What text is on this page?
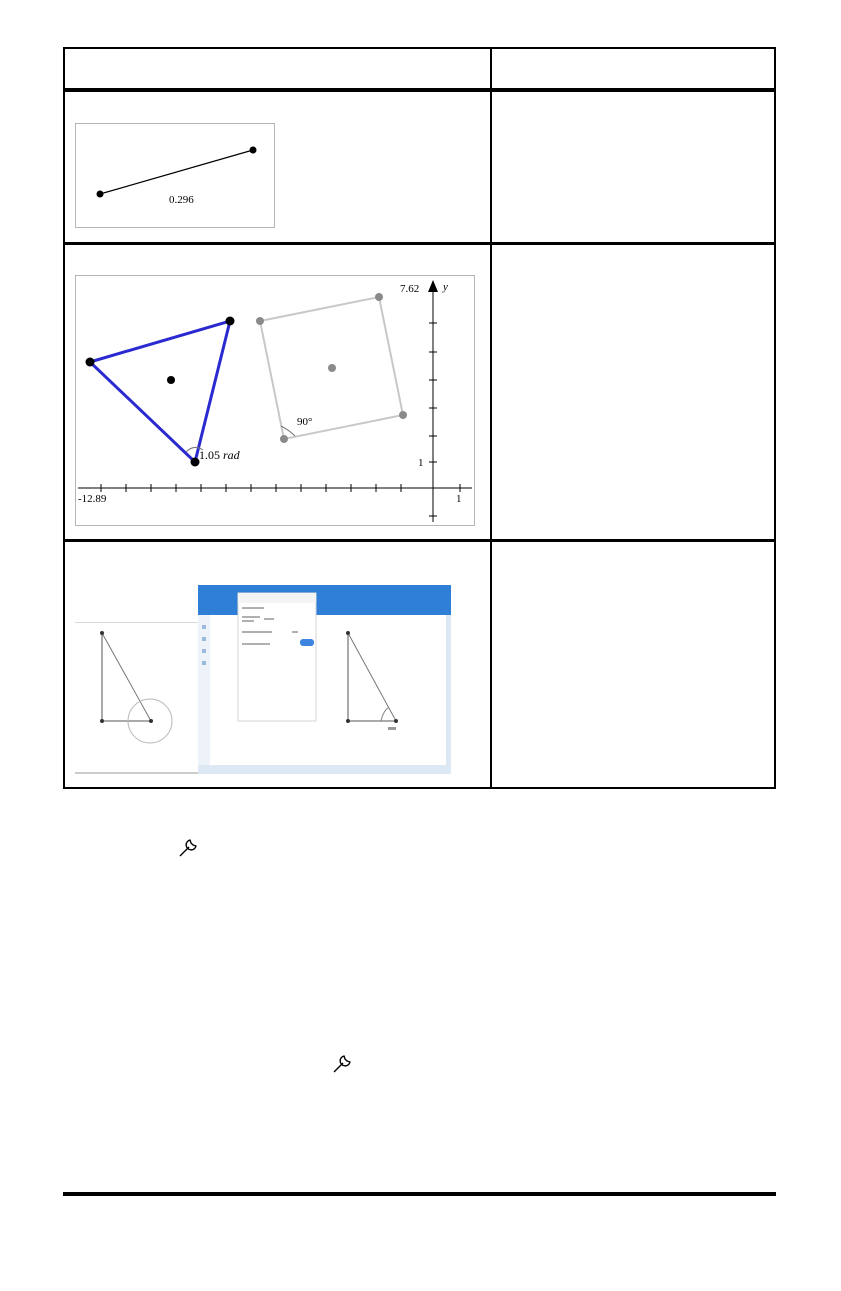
0.296
7.62 y
1
-12.89	1
90°
1.05 rad
